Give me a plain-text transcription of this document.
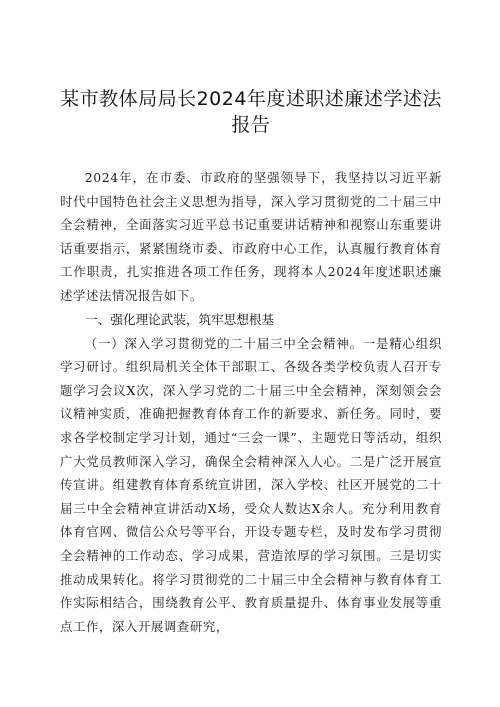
某市教体局局长2024年度述职述廉述学述法
报告

2024年，在市委、市政府的坚强领导下，我坚持以习近平新时代中国特色社会主义思想为指导，深入学习贯彻党的二十届三中全会精神，全面落实习近平总书记重要讲话精神和视察山东重要讲话重要指示，紧紧围绕市委、市政府中心工作，认真履行教育体育工作职责，扎实推进各项工作任务，现将本人2024年度述职述廉述学述法情况报告如下。

一、强化理论武装，筑牢思想根基

（一）深入学习贯彻党的二十届三中全会精神。一是精心组织学习研讨。组织局机关全体干部职工、各级各类学校负责人召开专题学习会议X次，深入学习党的二十届三中全会精神，深刻领会会议精神实质，准确把握教育体育工作的新要求、新任务。同时，要求各学校制定学习计划，通过“三会一课”、主题党日等活动，组织广大党员教师深入学习，确保全会精神深入人心。二是广泛开展宣传宣讲。组建教育体育系统宣讲团，深入学校、社区开展党的二十届三中全会精神宣讲活动X场，受众人数达X余人。充分利用教育体育官网、微信公众号等平台，开设专题专栏，及时发布学习贯彻全会精神的工作动态、学习成果，营造浓厚的学习氛围。三是切实推动成果转化。将学习贯彻党的二十届三中全会精神与教育体育工作实际相结合，围绕教育公平、教育质量提升、体育事业发展等重点工作，深入开展调查研究，
